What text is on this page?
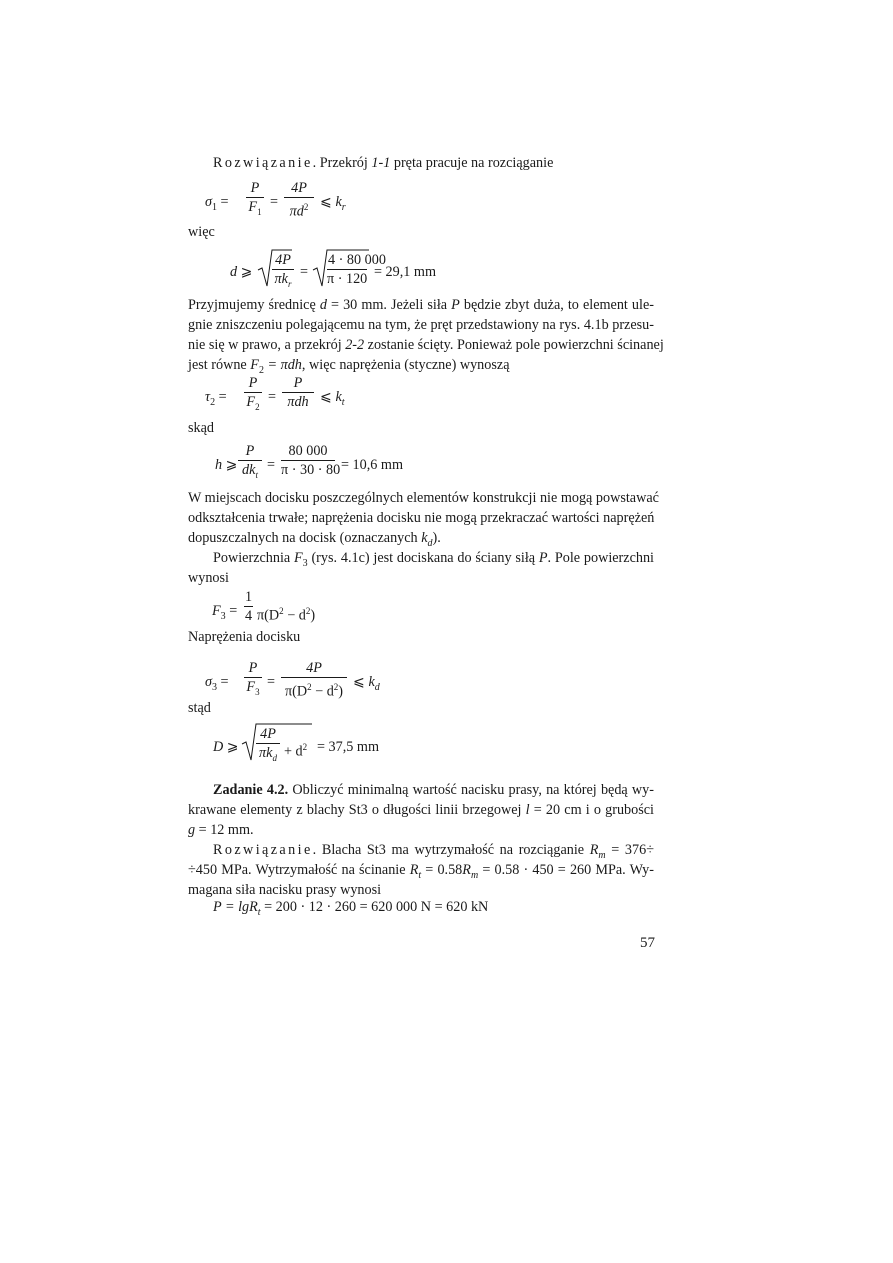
Rozwiązanie. Przekrój 1-1 pręta pracuje na rozciąganie
$\sigma_1 = \frac{P}{F_1} = \frac{4P}{\pi d^2}$ ⩽ $k_r$
więc
d ⩾
4P
$\pi k_r$
= $\frac{4 \cdot 80 000}{\pi \cdot 120} = 29,1$ mm
Przyjmujemy średnicę d = 30 mm. Jeżeli siła P będzie zbyt duża, to element ule-
gnie zniszczeniu polegającemu na tym, że pręt przedstawiony na rys. 4.1b przesu-
nie się w prawo, a przekrój 2-2 zostanie ścięty. Ponieważ pole powierzchni ścinanej
jest równe $F_2 = \pi dh$, więc naprężenia (styczne) wynoszą
$\tau_2 = \frac{P}{F_2}$ =
P
πdh ⩽ $k_t$
skąd
h ⩾
P
$dk_t$
= $\frac{80 000}{\pi \cdot 30 \cdot 80} = 10,6$ mm
W miejscach docisku poszczególnych elementów konstrukcji nie mogą powstawać
odkształcenia trwałe; naprężenia docisku nie mogą przekraczać wartości naprężeń
dopuszczalnych na docisk (oznaczanych $k_d$).
Powierzchnia $F_3$ (rys. 4.1c) jest dociskana do ściany siłą P. Pole powierzchni
wynosi
$F_3 = \frac{1}{4} \pi(D^2 - d^2)$
Naprężenia docisku
$\sigma_3 = \frac{P}{F_3} = \frac{4P}{\pi(D^2 - d^2)}$ ⩽ $k_d$
stąd
D ⩾
4P
$\pi k_d + d^2 = 37,5$ mm
Zadanie 4.2. Obliczyć minimalną wartość nacisku prasy, na której będą wy-
krawane elementy z blachy St3 o długości linii brzegowej l = 20 cm i o grubości
g = 12 mm.
Rozwiązanie. Blacha St3 ma wytrzymałość na rozciąganie $R_m = 376\div$
÷450 MPa. Wytrzymałość na ścinanie $R_t = 0.58R_m = 0.58 \cdot 450 = 260$ MPa. Wy-
magana siła nacisku prasy wynosi
P = lgR$_t$ = 200 · 12 · 260 = 620 000 N = 620 kN
57
